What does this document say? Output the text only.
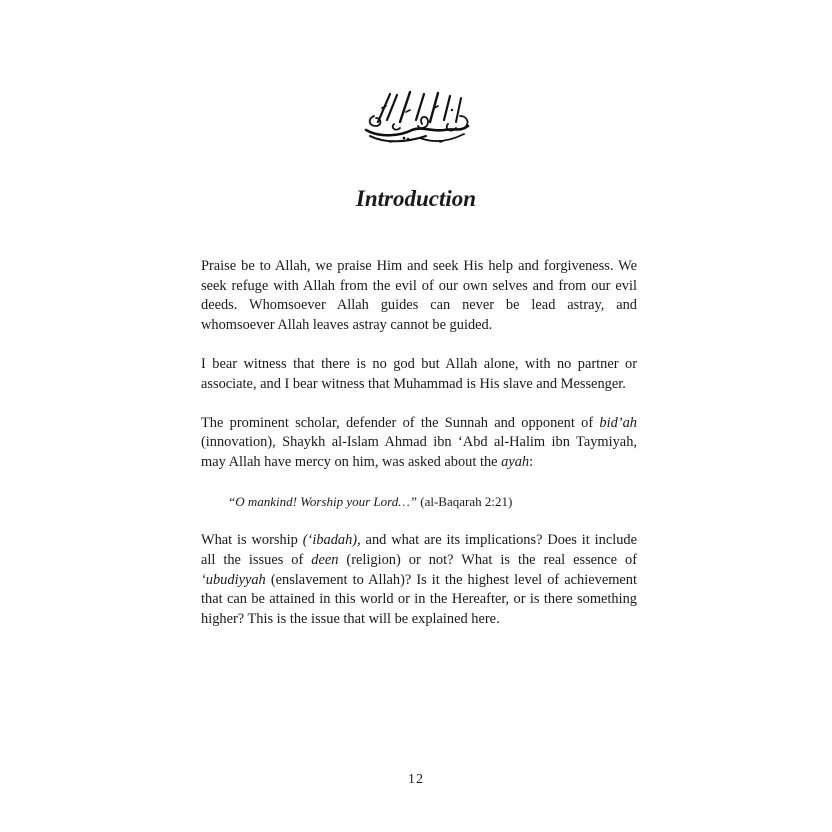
Introduction

Praise be to Allah, we praise Him and seek His help and forgiveness. We seek refuge with Allah from the evil of our own selves and from our evil deeds. Whomsoever Allah guides can never be lead astray, and whomsoever Allah leaves astray cannot be guided.

I bear witness that there is no god but Allah alone, with no partner or associate, and I bear witness that Muhammad is His slave and Messenger.

The prominent scholar, defender of the Sunnah and opponent of bid’ah (innovation), Shaykh al-Islam Ahmad ibn ‘Abd al-Halim ibn Taymiyah, may Allah have mercy on him, was asked about the ayah:

“O mankind! Worship your Lord…” (al-Baqarah 2:21)

What is worship (‘ibadah), and what are its implications? Does it include all the issues of deen (religion) or not? What is the real essence of ‘ubudiyyah (enslavement to Allah)? Is it the highest level of achievement that can be attained in this world or in the Hereafter, or is there something higher? This is the issue that will be explained here.

12
